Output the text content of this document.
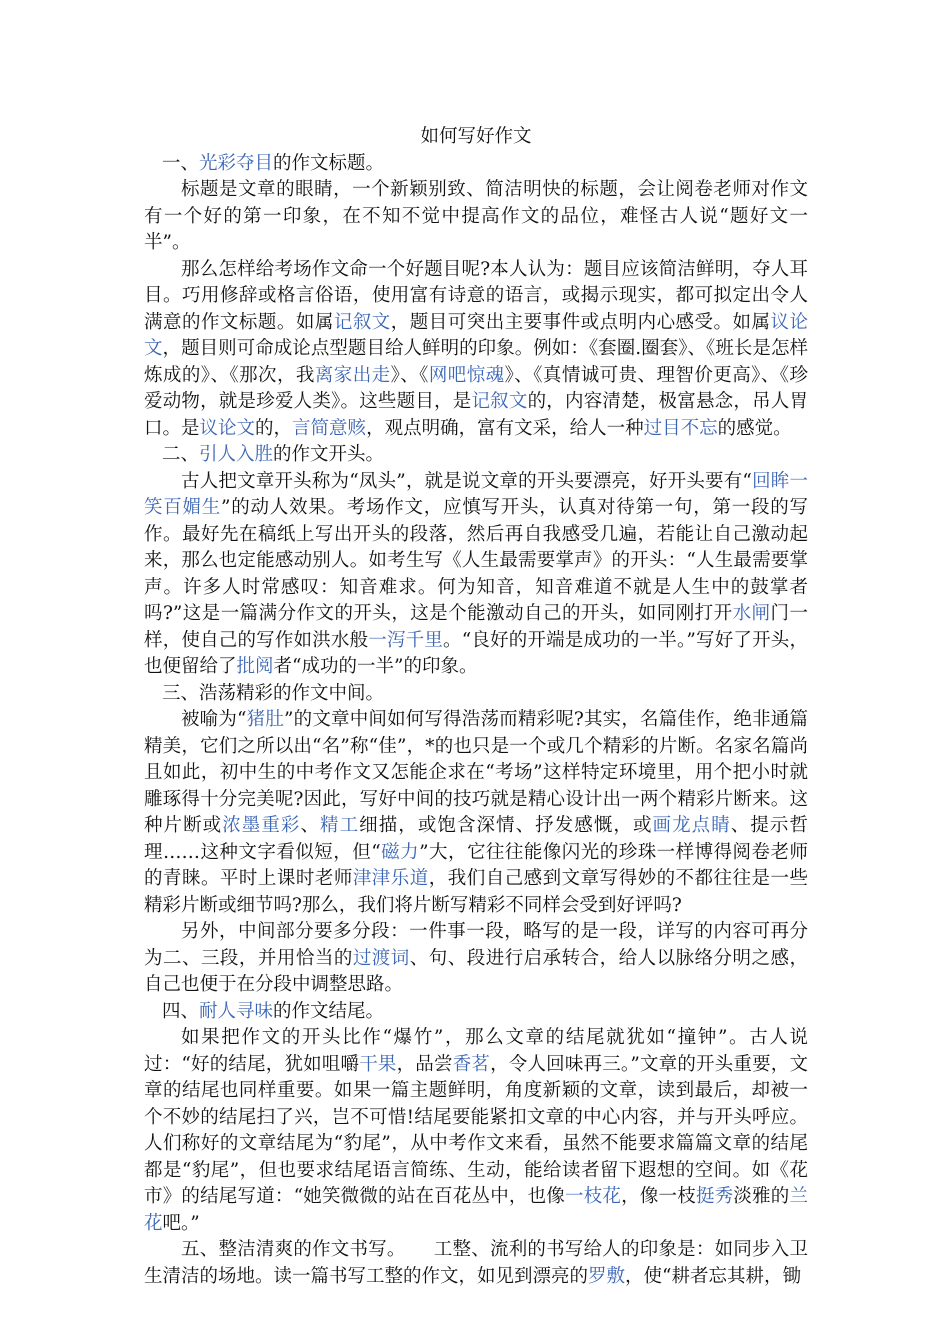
如何写好作文

一、光彩夺目的作文标题。

标题是文章的眼睛，一个新颖别致、简洁明快的标题，会让阅卷老师对作文有一个好的第一印象，在不知不觉中提高作文的品位，难怪古人说“题好文一半”。

那么怎样给考场作文命一个好题目呢?本人认为：题目应该简洁鲜明，夺人耳目。巧用修辞或格言俗语，使用富有诗意的语言，或揭示现实，都可拟定出令人满意的作文标题。如属记叙文，题目可突出主要事件或点明内心感受。如属议论文，题目则可命成论点型题目给人鲜明的印象。例如：《套圈.圈套》、《班长是怎样炼成的》、《那次，我离家出走》、《网吧惊魂》、《真情诚可贵、理智价更高》、《珍爱动物，就是珍爱人类》。这些题目，是记叙文的，内容清楚，极富悬念，吊人胃口。是议论文的，言简意赅，观点明确，富有文采，给人一种过目不忘的感觉。

二、引人入胜的作文开头。

古人把文章开头称为“凤头”，就是说文章的开头要漂亮，好开头要有“回眸一笑百媚生”的动人效果。考场作文，应慎写开头，认真对待第一句，第一段的写作。最好先在稿纸上写出开头的段落，然后再自我感受几遍，若能让自己激动起来，那么也定能感动别人。如考生写《人生最需要掌声》的开头：“人生最需要掌声。许多人时常感叹：知音难求。何为知音，知音难道不就是人生中的鼓掌者吗?”这是一篇满分作文的开头，这是个能激动自己的开头，如同刚打开水闸门一样，使自己的写作如洪水般一泻千里。“良好的开端是成功的一半。”写好了开头，也便留给了批阅者“成功的一半”的印象。

三、浩荡精彩的作文中间。

被喻为“猪肚”的文章中间如何写得浩荡而精彩呢?其实，名篇佳作，绝非通篇精美，它们之所以出“名”称“佳”，*的也只是一个或几个精彩的片断。名家名篇尚且如此，初中生的中考作文又怎能企求在“考场”这样特定环境里，用个把小时就雕琢得十分完美呢?因此，写好中间的技巧就是精心设计出一两个精彩片断来。这种片断或浓墨重彩、精工细描，或饱含深情、抒发感慨，或画龙点睛、提示哲理……这种文字看似短，但“磁力”大，它往往能像闪光的珍珠一样博得阅卷老师的青睐。平时上课时老师津津乐道，我们自己感到文章写得妙的不都往往是一些精彩片断或细节吗?那么，我们将片断写精彩不同样会受到好评吗?

另外，中间部分要多分段：一件事一段，略写的是一段，详写的内容可再分为二、三段，并用恰当的过渡词、句、段进行启承转合，给人以脉络分明之感，自己也便于在分段中调整思路。

四、耐人寻味的作文结尾。

如果把作文的开头比作“爆竹”，那么文章的结尾就犹如“撞钟”。古人说过：“好的结尾，犹如咀嚼干果，品尝香茗，令人回味再三。”文章的开头重要，文章的结尾也同样重要。如果一篇主题鲜明，角度新颖的文章，读到最后，却被一个不妙的结尾扫了兴，岂不可惜!结尾要能紧扣文章的中心内容，并与开头呼应。人们称好的文章结尾为“豹尾”，从中考作文来看，虽然不能要求篇篇文章的结尾都是“豹尾”，但也要求结尾语言简练、生动，能给读者留下遐想的空间。如《花市》的结尾写道：“她笑微微的站在百花丛中，也像一枝花，像一枝挺秀淡雅的兰花吧。”

五、整洁清爽的作文书写。　　工整、流利的书写给人的印象是：如同步入卫生清洁的场地。读一篇书写工整的作文，如见到漂亮的罗敷，使“耕者忘其耕，锄
